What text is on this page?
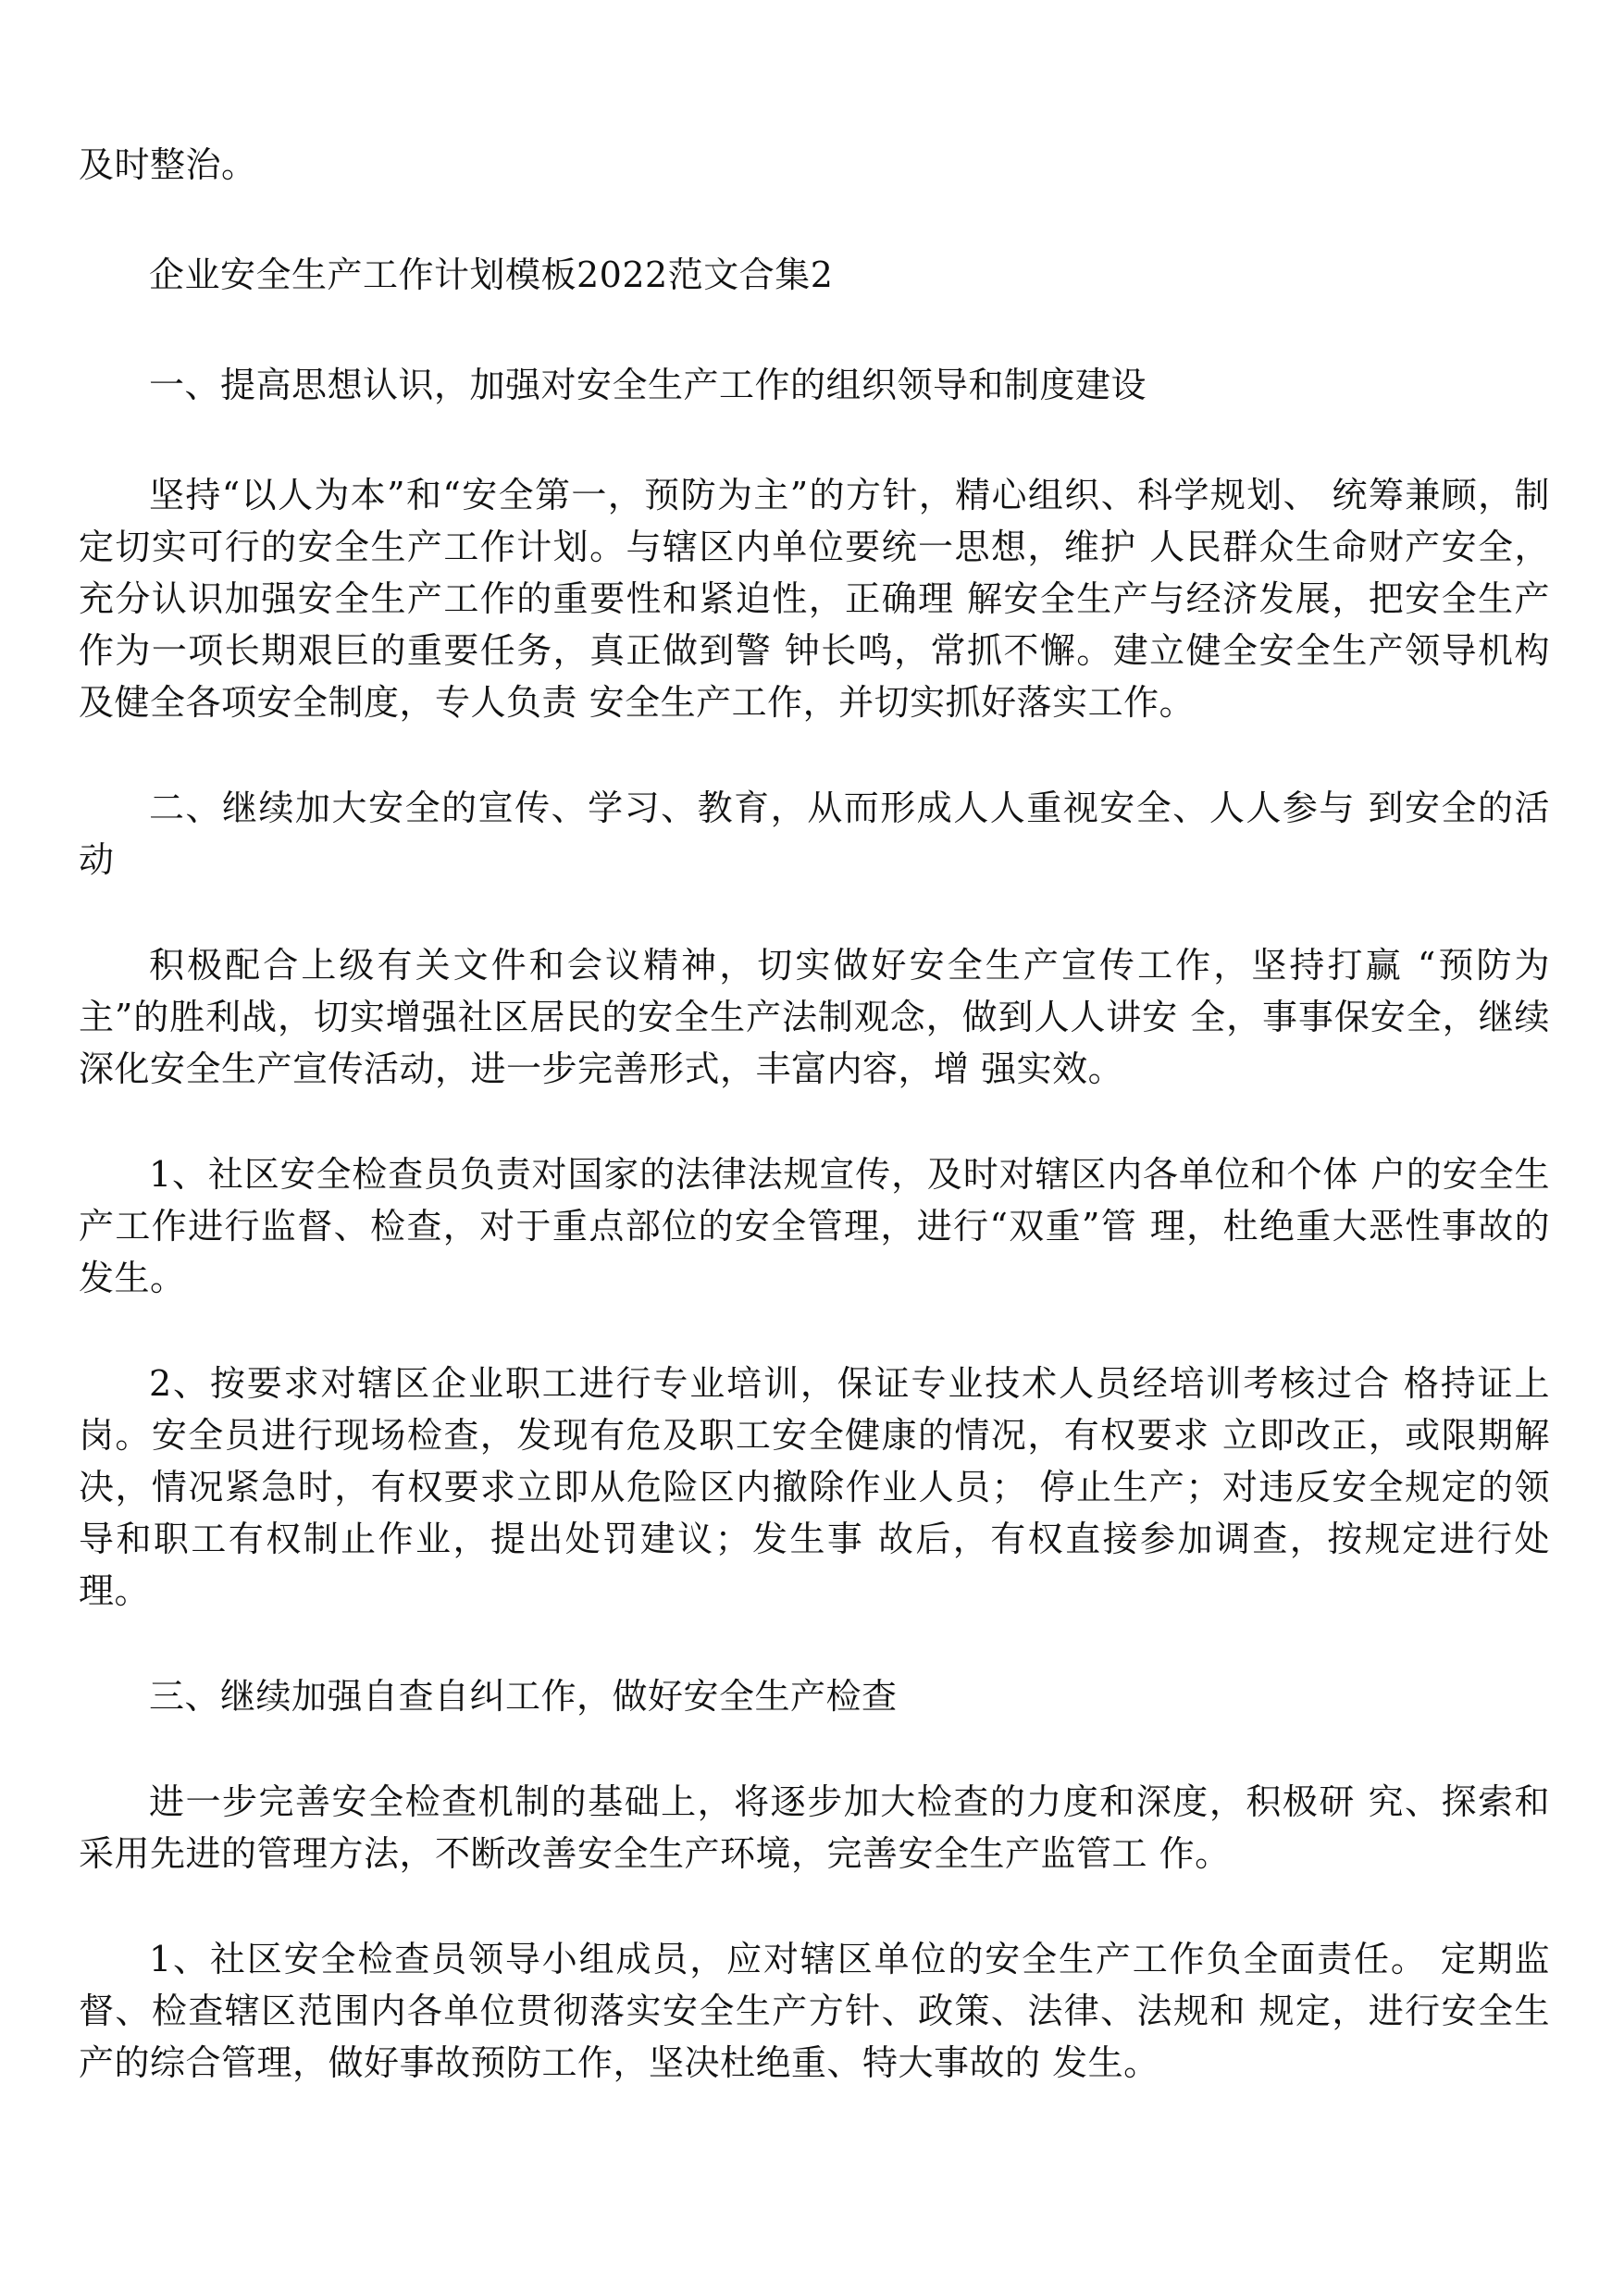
及时整治。

企业安全生产工作计划模板2022范文合集2

一、提高思想认识，加强对安全生产工作的组织领导和制度建设

坚持“以人为本”和“安全第一，预防为主”的方针，精心组织、科学规划、 统筹兼顾，制定切实可行的安全生产工作计划。与辖区内单位要统一思想，维护 人民群众生命财产安全，充分认识加强安全生产工作的重要性和紧迫性，正确理 解安全生产与经济发展，把安全生产作为一项长期艰巨的重要任务，真正做到警 钟长鸣，常抓不懈。建立健全安全生产领导机构及健全各项安全制度，专人负责 安全生产工作，并切实抓好落实工作。

二、继续加大安全的宣传、学习、教育，从而形成人人重视安全、人人参与 到安全的活动

积极配合上级有关文件和会议精神，切实做好安全生产宣传工作，坚持打赢 “预防为主”的胜利战，切实增强社区居民的安全生产法制观念，做到人人讲安 全，事事保安全，继续深化安全生产宣传活动，进一步完善形式，丰富内容，增 强实效。

1、社区安全检查员负责对国家的法律法规宣传，及时对辖区内各单位和个体 户的安全生产工作进行监督、检查，对于重点部位的安全管理，进行“双重”管 理，杜绝重大恶性事故的发生。

2、按要求对辖区企业职工进行专业培训，保证专业技术人员经培训考核过合 格持证上岗。安全员进行现场检查，发现有危及职工安全健康的情况，有权要求 立即改正，或限期解决，情况紧急时，有权要求立即从危险区内撤除作业人员； 停止生产；对违反安全规定的领导和职工有权制止作业，提出处罚建议；发生事 故后，有权直接参加调查，按规定进行处理。

三、继续加强自查自纠工作，做好安全生产检查

进一步完善安全检查机制的基础上，将逐步加大检查的力度和深度，积极研 究、探索和采用先进的管理方法，不断改善安全生产环境，完善安全生产监管工 作。

1、社区安全检查员领导小组成员，应对辖区单位的安全生产工作负全面责任。 定期监督、检查辖区范围内各单位贯彻落实安全生产方针、政策、法律、法规和 规定，进行安全生产的综合管理，做好事故预防工作，坚决杜绝重、特大事故的 发生。
